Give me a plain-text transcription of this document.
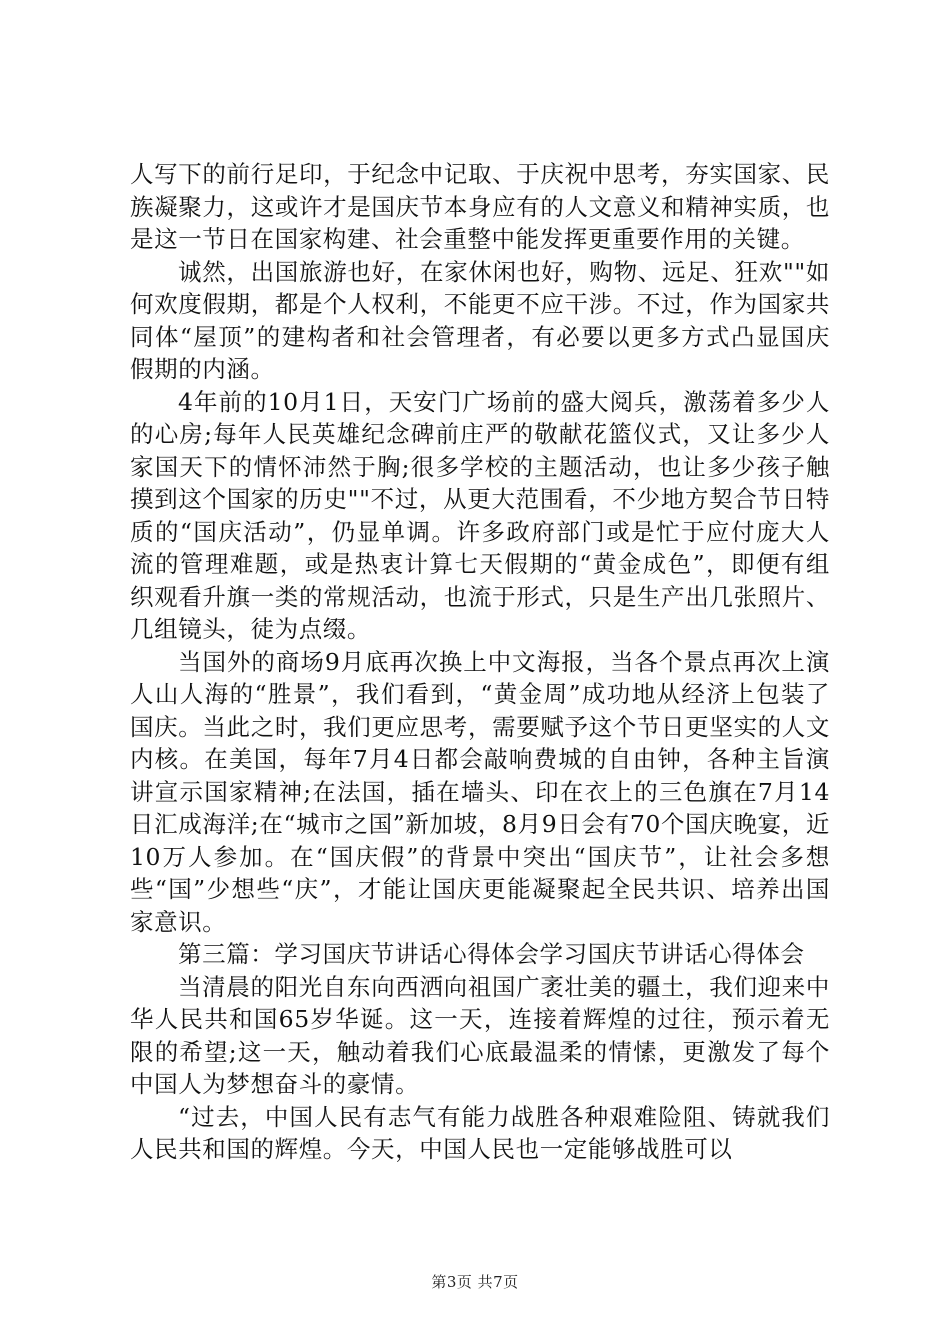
人写下的前行足印，于纪念中记取、于庆祝中思考，夯实国家、民族凝聚力，这或许才是国庆节本身应有的人文意义和精神实质，也是这一节日在国家构建、社会重整中能发挥更重要作用的关键。

诚然，出国旅游也好，在家休闲也好，购物、远足、狂欢""如何欢度假期，都是个人权利，不能更不应干涉。不过，作为国家共同体“屋顶”的建构者和社会管理者，有必要以更多方式凸显国庆假期的内涵。

4年前的10月1日，天安门广场前的盛大阅兵，激荡着多少人的心房;每年人民英雄纪念碑前庄严的敬献花篮仪式，又让多少人家国天下的情怀沛然于胸;很多学校的主题活动，也让多少孩子触摸到这个国家的历史""不过，从更大范围看，不少地方契合节日特质的“国庆活动”，仍显单调。许多政府部门或是忙于应付庞大人流的管理难题，或是热衷计算七天假期的“黄金成色”，即便有组织观看升旗一类的常规活动，也流于形式，只是生产出几张照片、几组镜头，徒为点缀。

当国外的商场9月底再次换上中文海报，当各个景点再次上演人山人海的“胜景”，我们看到，“黄金周”成功地从经济上包装了国庆。当此之时，我们更应思考，需要赋予这个节日更坚实的人文内核。在美国，每年7月4日都会敲响费城的自由钟，各种主旨演讲宣示国家精神;在法国，插在墙头、印在衣上的三色旗在7月14日汇成海洋;在“城市之国”新加坡，8月9日会有70个国庆晚宴，近10万人参加。在“国庆假”的背景中突出“国庆节”，让社会多想些“国”少想些“庆”，才能让国庆更能凝聚起全民共识、培养出国家意识。

第三篇：学习国庆节讲话心得体会学习国庆节讲话心得体会

当清晨的阳光自东向西洒向祖国广袤壮美的疆土，我们迎来中华人民共和国65岁华诞。这一天，连接着辉煌的过往，预示着无限的希望;这一天，触动着我们心底最温柔的情愫，更激发了每个中国人为梦想奋斗的豪情。

“过去，中国人民有志气有能力战胜各种艰难险阻、铸就我们人民共和国的辉煌。今天，中国人民也一定能够战胜可以

第3页 共7页
